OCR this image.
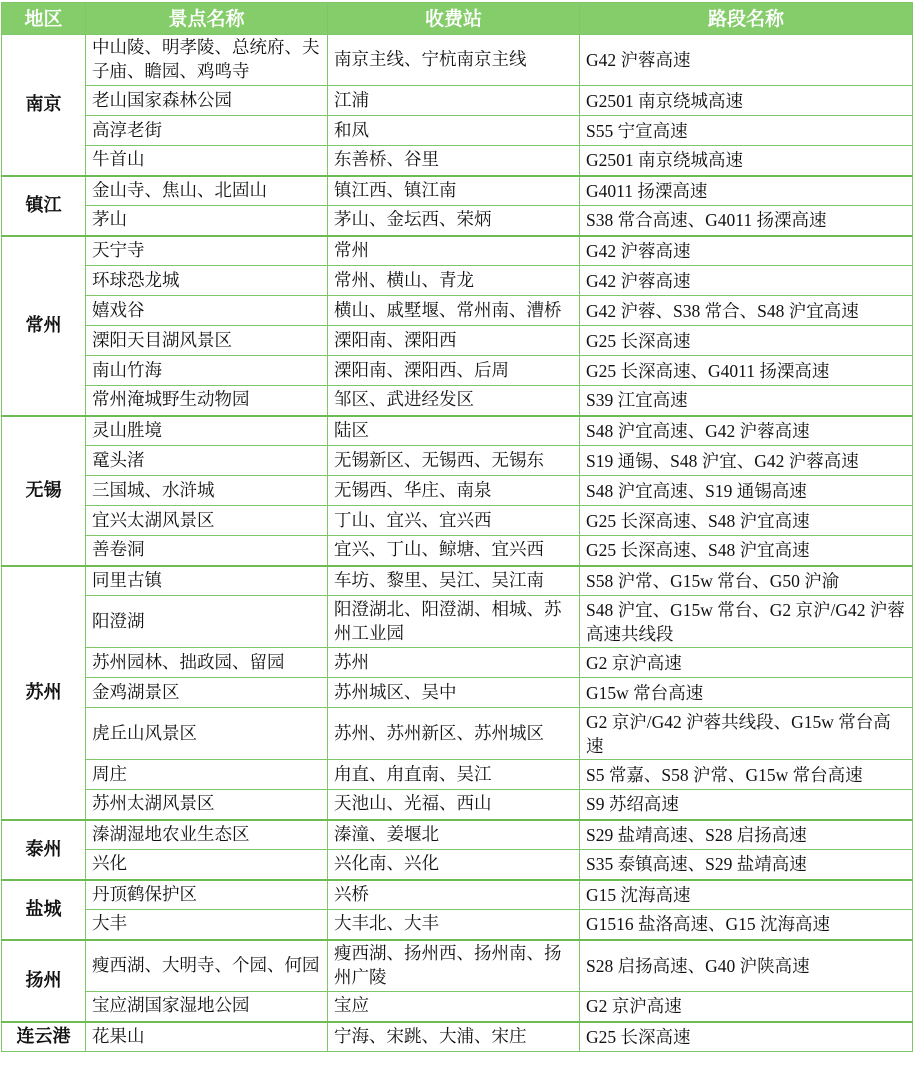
地区	景点名称	收费站	路段名称
南京	中山陵、明孝陵、总统府、夫子庙、瞻园、鸡鸣寺	南京主线、宁杭南京主线	G42 沪蓉高速
	老山国家森林公园	江浦	G2501 南京绕城高速
	高淳老街	和凤	S55 宁宣高速
	牛首山	东善桥、谷里	G2501 南京绕城高速
镇江	金山寺、焦山、北固山	镇江西、镇江南	G4011 扬溧高速
	茅山	茅山、金坛西、荣炳	S38 常合高速、G4011 扬溧高速
常州	天宁寺	常州	G42 沪蓉高速
	环球恐龙城	常州、横山、青龙	G42 沪蓉高速
	嬉戏谷	横山、戚墅堰、常州南、漕桥	G42 沪蓉、S38 常合、S48 沪宜高速
	溧阳天目湖风景区	溧阳南、溧阳西	G25 长深高速
	南山竹海	溧阳南、溧阳西、后周	G25 长深高速、G4011 扬溧高速
	常州淹城野生动物园	邹区、武进经发区	S39 江宜高速
无锡	灵山胜境	陆区	S48 沪宜高速、G42 沪蓉高速
	鼋头渚	无锡新区、无锡西、无锡东	S19 通锡、S48 沪宜、G42 沪蓉高速
	三国城、水浒城	无锡西、华庄、南泉	S48 沪宜高速、S19 通锡高速
	宜兴太湖风景区	丁山、宜兴、宜兴西	G25 长深高速、S48 沪宜高速
	善卷洞	宜兴、丁山、鲸塘、宜兴西	G25 长深高速、S48 沪宜高速
苏州	同里古镇	车坊、黎里、吴江、吴江南	S58 沪常、G15w 常台、G50 沪渝
	阳澄湖	阳澄湖北、阳澄湖、相城、苏州工业园	S48 沪宜、G15w 常台、G2 京沪/G42 沪蓉高速共线段
	苏州园林、拙政园、留园	苏州	G2 京沪高速
	金鸡湖景区	苏州城区、吴中	G15w 常台高速
	虎丘山风景区	苏州、苏州新区、苏州城区	G2 京沪/G42 沪蓉共线段、G15w 常台高速
	周庄	甪直、甪直南、吴江	S5 常嘉、S58 沪常、G15w 常台高速
	苏州太湖风景区	天池山、光福、西山	S9 苏绍高速
泰州	溱湖湿地农业生态区	溱潼、姜堰北	S29 盐靖高速、S28 启扬高速
	兴化	兴化南、兴化	S35 泰镇高速、S29 盐靖高速
盐城	丹顶鹤保护区	兴桥	G15 沈海高速
	大丰	大丰北、大丰	G1516 盐洛高速、G15 沈海高速
扬州	瘦西湖、大明寺、个园、何园	瘦西湖、扬州西、扬州南、扬州广陵	S28 启扬高速、G40 沪陕高速
	宝应湖国家湿地公园	宝应	G2 京沪高速
连云港	花果山	宁海、宋跳、大浦、宋庄	G25 长深高速
